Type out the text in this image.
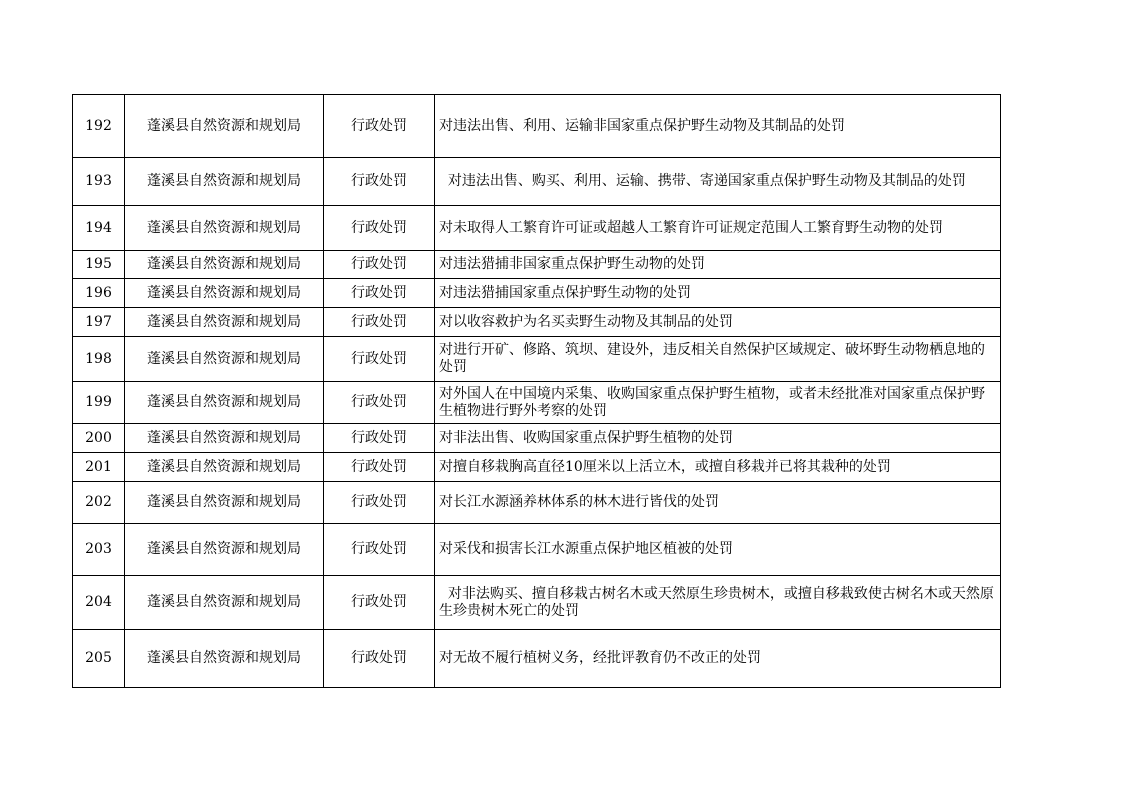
192	蓬溪县自然资源和规划局	行政处罚	对违法出售、利用、运输非国家重点保护野生动物及其制品的处罚
193	蓬溪县自然资源和规划局	行政处罚	对违法出售、购买、利用、运输、携带、寄递国家重点保护野生动物及其制品的处罚
194	蓬溪县自然资源和规划局	行政处罚	对未取得人工繁育许可证或超越人工繁育许可证规定范围人工繁育野生动物的处罚
195	蓬溪县自然资源和规划局	行政处罚	对违法猎捕非国家重点保护野生动物的处罚
196	蓬溪县自然资源和规划局	行政处罚	对违法猎捕国家重点保护野生动物的处罚
197	蓬溪县自然资源和规划局	行政处罚	对以收容救护为名买卖野生动物及其制品的处罚
198	蓬溪县自然资源和规划局	行政处罚	对进行开矿、修路、筑坝、建设外，违反相关自然保护区域规定、破坏野生动物栖息地的处罚
199	蓬溪县自然资源和规划局	行政处罚	对外国人在中国境内采集、收购国家重点保护野生植物，或者未经批准对国家重点保护野生植物进行野外考察的处罚
200	蓬溪县自然资源和规划局	行政处罚	对非法出售、收购国家重点保护野生植物的处罚
201	蓬溪县自然资源和规划局	行政处罚	对擅自移栽胸高直径10厘米以上活立木，或擅自移栽并已将其栽种的处罚
202	蓬溪县自然资源和规划局	行政处罚	对长江水源涵养林体系的林木进行皆伐的处罚
203	蓬溪县自然资源和规划局	行政处罚	对采伐和损害长江水源重点保护地区植被的处罚
204	蓬溪县自然资源和规划局	行政处罚	对非法购买、擅自移栽古树名木或天然原生珍贵树木，或擅自移栽致使古树名木或天然原生珍贵树木死亡的处罚
205	蓬溪县自然资源和规划局	行政处罚	对无故不履行植树义务，经批评教育仍不改正的处罚
